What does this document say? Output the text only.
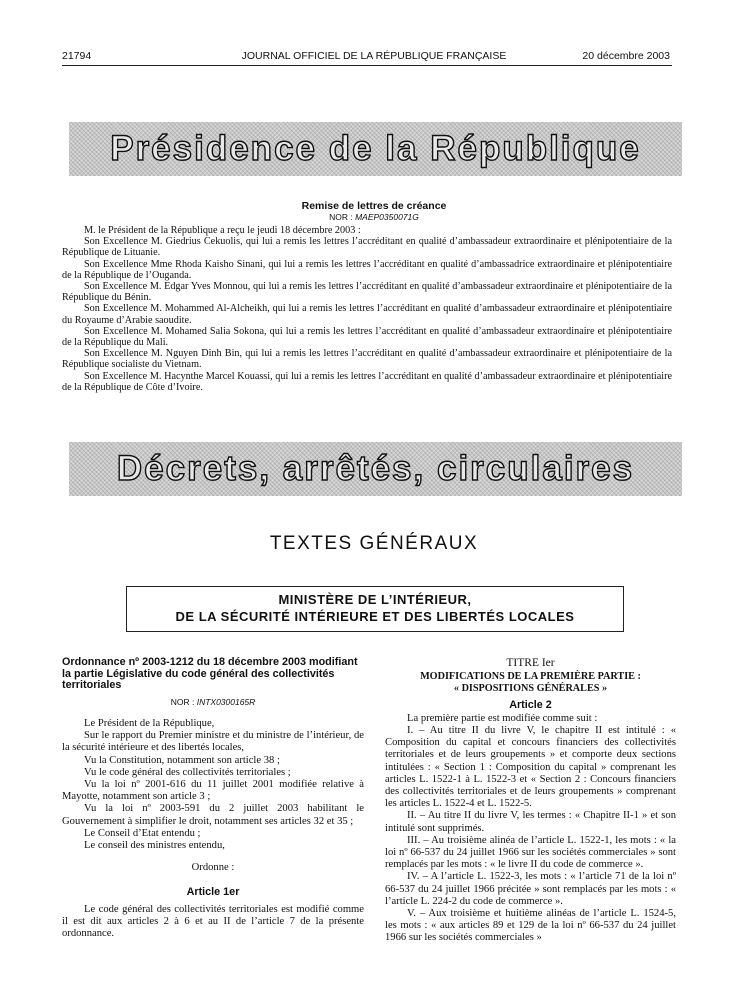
21794	JOURNAL OFFICIEL DE LA RÉPUBLIQUE FRANÇAISE	20 décembre 2003
Présidence de la République
Remise de lettres de créance
NOR : MAEP0350071G
M. le Président de la République a reçu le jeudi 18 décembre 2003 :
Son Excellence M. Giedrius Cekuolis, qui lui a remis les lettres l’accréditant en qualité d’ambassadeur extraordinaire et plénipotentiaire de la République de Lituanie.
Son Excellence Mme Rhoda Kaisho Sinani, qui lui a remis les lettres l’accréditant en qualité d’ambassadrice extraordinaire et plénipotentiaire de la République de l’Ouganda.
Son Excellence M. Edgar Yves Monnou, qui lui a remis les lettres l’accréditant en qualité d’ambassadeur extraordinaire et plénipotentiaire de la République du Bénin.
Son Excellence M. Mohammed Al-Alcheikh, qui lui a remis les lettres l’accréditant en qualité d’ambassadeur extraordinaire et plénipotentiaire du Royaume d’Arabie saoudite.
Son Excellence M. Mohamed Salia Sokona, qui lui a remis les lettres l’accréditant en qualité d’ambassadeur extraordinaire et plénipotentiaire de la République du Mali.
Son Excellence M. Nguyen Dinh Bin, qui lui a remis les lettres l’accréditant en qualité d’ambassadeur extraordinaire et plénipotentiaire de la République socialiste du Vietnam.
Son Excellence M. Hacynthe Marcel Kouassi, qui lui a remis les lettres l’accréditant en qualité d’ambassadeur extraordinaire et plénipotentiaire de la République de Côte d’Ivoire.
Décrets, arrêtés, circulaires
TEXTES GÉNÉRAUX
MINISTÈRE DE L’INTÉRIEUR,
DE LA SÉCURITÉ INTÉRIEURE ET DES LIBERTÉS LOCALES
Ordonnance nº 2003-1212 du 18 décembre 2003 modifiant la partie Législative du code général des collectivités territoriales
NOR : INTX0300165R

Le Président de la République,

Sur le rapport du Premier ministre et du ministre de l’intérieur, de la sécurité intérieure et des libertés locales,

Vu la Constitution, notamment son article 38 ;

Vu le code général des collectivités territoriales ;

Vu la loi nº 2001-616 du 11 juillet 2001 modifiée relative à Mayotte, notamment son article 3 ;

Vu la loi nº 2003-591 du 2 juillet 2003 habilitant le Gouvernement à simplifier le droit, notamment ses articles 32 et 35 ;

Le Conseil d’Etat entendu ;

Le conseil des ministres entendu,

Ordonne :

Article 1er

Le code général des collectivités territoriales est modifié comme il est dit aux articles 2 à 6 et au II de l’article 7 de la présente ordonnance.

TITRE Ier
MODIFICATIONS DE LA PREMIÈRE PARTIE :
« DISPOSITIONS GÉNÉRALES »
Article 2

La première partie est modifiée comme suit :

I. – Au titre II du livre V, le chapitre II est intitulé : « Composition du capital et concours financiers des collectivités territoriales et de leurs groupements » et comporte deux sections intitulées : « Section 1 : Composition du capital » comprenant les articles L. 1522-1 à L. 1522-3 et « Section 2 : Concours financiers des collectivités territoriales et de leurs groupements » comprenant les articles L. 1522-4 et L. 1522-5.

II. – Au titre II du livre V, les termes : « Chapitre II-1 » et son intitulé sont supprimés.

III. – Au troisième alinéa de l’article L. 1522-1, les mots : « la loi nº 66-537 du 24 juillet 1966 sur les sociétés commerciales » sont remplacés par les mots : « le livre II du code de commerce ».

IV. – A l’article L. 1522-3, les mots : « l’article 71 de la loi nº 66-537 du 24 juillet 1966 précitée » sont remplacés par les mots : « l’article L. 224-2 du code de commerce ».

V. – Aux troisième et huitième alinéas de l’article L. 1524-5, les mots : « aux articles 89 et 129 de la loi nº 66-537 du 24 juillet 1966 sur les sociétés commerciales »
